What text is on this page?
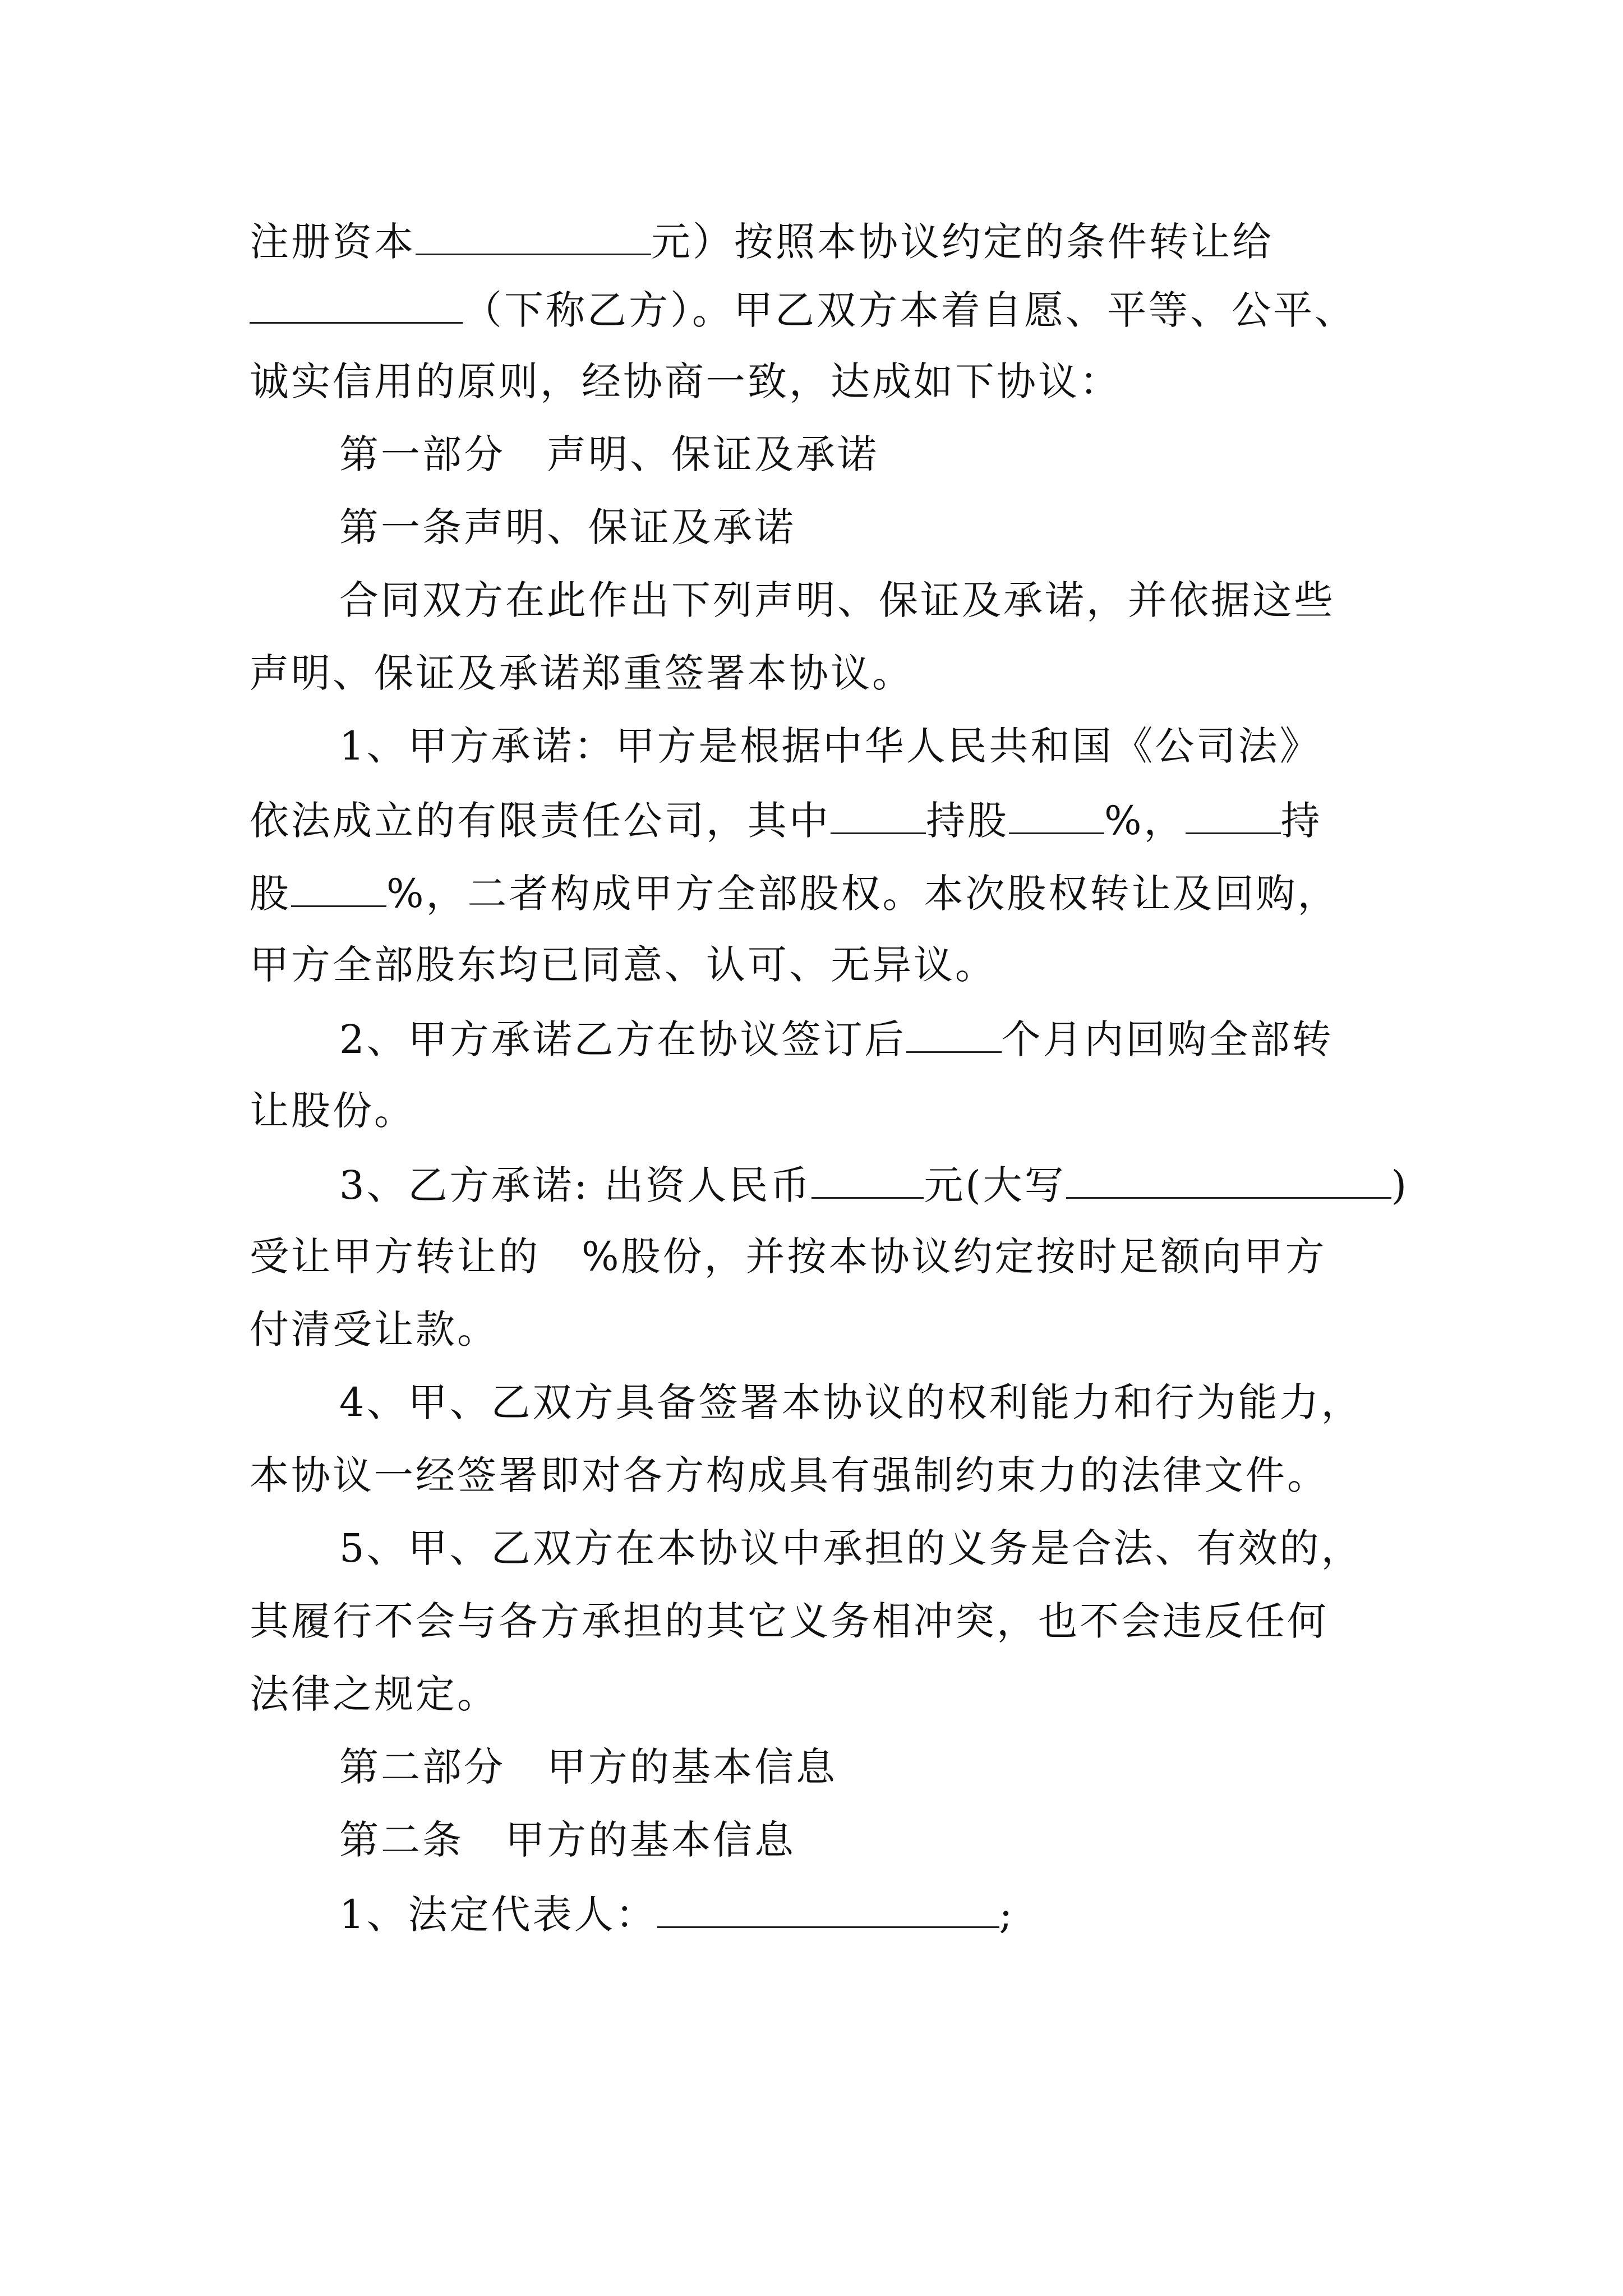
注册资本	元）按照本协议约定的条件转让给
（下称乙方）。甲乙双方本着自愿、平等、公平、
诚实信用的原则，经协商一致，达成如下协议：
第一部分　声明、保证及承诺
第一条声明、保证及承诺
合同双方在此作出下列声明、保证及承诺，并依据这些
声明、保证及承诺郑重签署本协议。
1、甲方承诺：甲方是根据中华人民共和国《公司法》
依法成立的有限责任公司，其中 持股 %， 持
股 %，二者构成甲方全部股权。本次股权转让及回购，
甲方全部股东均已同意、认可、无异议。
2、甲方承诺乙方在协议签订后 个月内回购全部转
让股份。
3、乙方承诺: 出资人民币	元(大写	)
受让甲方转让的　%股份，并按本协议约定按时足额向甲方
付清受让款。
4、甲、乙双方具备签署本协议的权利能力和行为能力，
本协议一经签署即对各方构成具有强制约束力的法律文件。
5、甲、乙双方在本协议中承担的义务是合法、有效的，
其履行不会与各方承担的其它义务相冲突，也不会违反任何
法律之规定。
第二部分　甲方的基本信息
第二条　甲方的基本信息
1、法定代表人：	;
